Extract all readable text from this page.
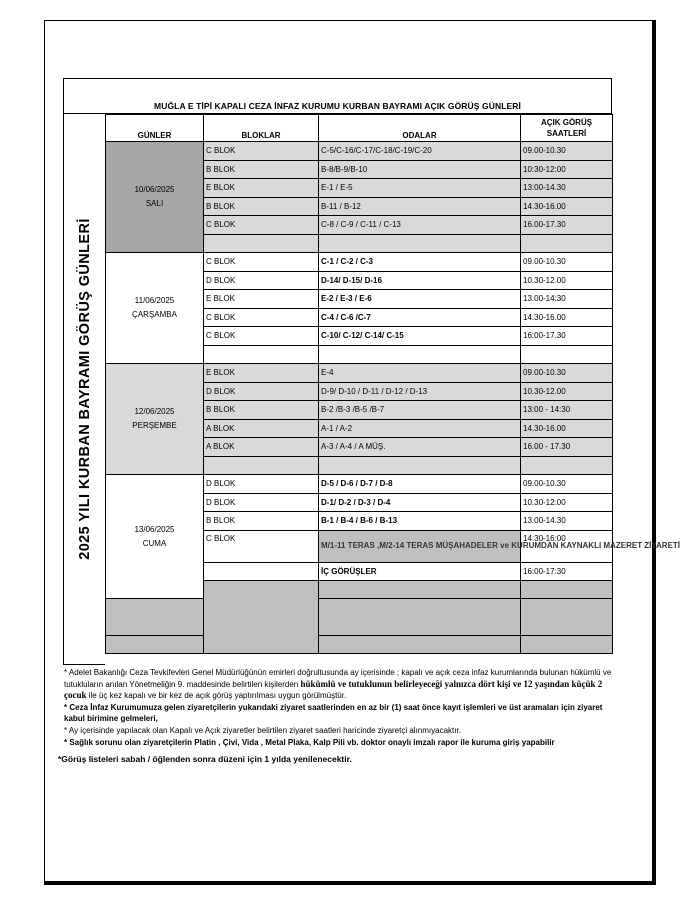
MUĞLA E TİPİ KAPALI CEZA İNFAZ KURUMU KURBAN BAYRAMI AÇIK GÖRÜŞ GÜNLERİ
2025 YILI KURBAN BAYRAMI GÖRÜŞ GÜNLERİ
GÜNLER	BLOKLAR	ODALAR	AÇIK GÖRÜŞ
SAATLERİ	
10/06/2025
SALI	C BLOK	C-5/C-16/C-17/C-18/C-19/C-20	09.00-10.30	
	B BLOK	B-8/B-9/B-10	10:30-12:00	
	E BLOK	E-1 / E-5	13:00-14.30	
	B BLOK	B-11 / B-12	14.30-16.00	
	C BLOK	C-8 / C-9 / C-11 / C-13	16.00-17.30	

11/06/2025
ÇARŞAMBA	C BLOK	C-1 / C-2 / C-3	09.00-10.30	
	D BLOK	D-14/ D-15/ D-16	10.30-12.00	
	E BLOK	E-2 / E-3 / E-6	13.00-14:30	
	C BLOK	C-4 / C-6 /C-7	14.30-16.00	
	C BLOK	C-10/ C-12/ C-14/ C-15	16:00-17.30	

12/06/2025
PERŞEMBE	E BLOK	E-4	09.00-10.30	
	D BLOK	D-9/ D-10 / D-11 / D-12 / D-13	10.30-12.00	
	B BLOK	B-2 /B-3 /B-5 /B-7	13:00 - 14:30	
	A BLOK	A-1 / A-2	14.30-16.00	
	A BLOK	A-3 / A-4 / A MÜŞ.	16.00 - 17.30	

13/06/2025
CUMA	D BLOK	D-5 / D-6 / D-7 / D-8	09.00-10.30	
	D BLOK	D-1/ D-2 / D-3 / D-4	10.30-12:00	
	B BLOK	B-1 / B-4 / B-6 / B-13	13.00-14.30	
	C BLOK	M/1-11 TERAS ,M/2-14 TERAS MÜŞAHADELER ve KURUMDAN KAYNAKLI MAZERET ZİYARETİ	14:30-16:00	
		İÇ GÖRÜŞLER	16:00-17:30	

* Adelet Bakanlığı Ceza Tevkifevleri Genel Müdürlüğünün emirleri doğrultusunda ay içerisinde ; kapalı ve açık ceza infaz kurumlarında bulunan hükümlü ve tutukluların anılan Yönetmeliğin 9. maddesinde belirtilen kişilerden hükümlü ve tutuklunun belirleyeceği yalnızca dört kişi ve 12 yaşından küçük 2 çocuk ile üç kez kapalı ve bir kez de açık görüş yaptırılması uygun görülmüştür.

* Ceza İnfaz Kurumumuza gelen ziyaretçilerin yukarıdaki ziyaret saatlerinden en az bir (1) saat önce kayıt işlemleri ve üst aramaları için ziyaret kabul birimine gelmeleri,

* Ay içerisinde yapılacak olan Kapalı ve Açık ziyaretler belirtilen ziyaret saatleri haricinde ziyaretçi alınmıyacaktır.

* Sağlık sorunu olan ziyaretçilerin Platin , Çivi, Vida , Metal Plaka, Kalp Pili vb. doktor onaylı imzalı rapor ile kuruma giriş yapabilir

*Görüş listeleri sabah / öğlenden sonra düzeni için 1 yılda yenilenecektir.
